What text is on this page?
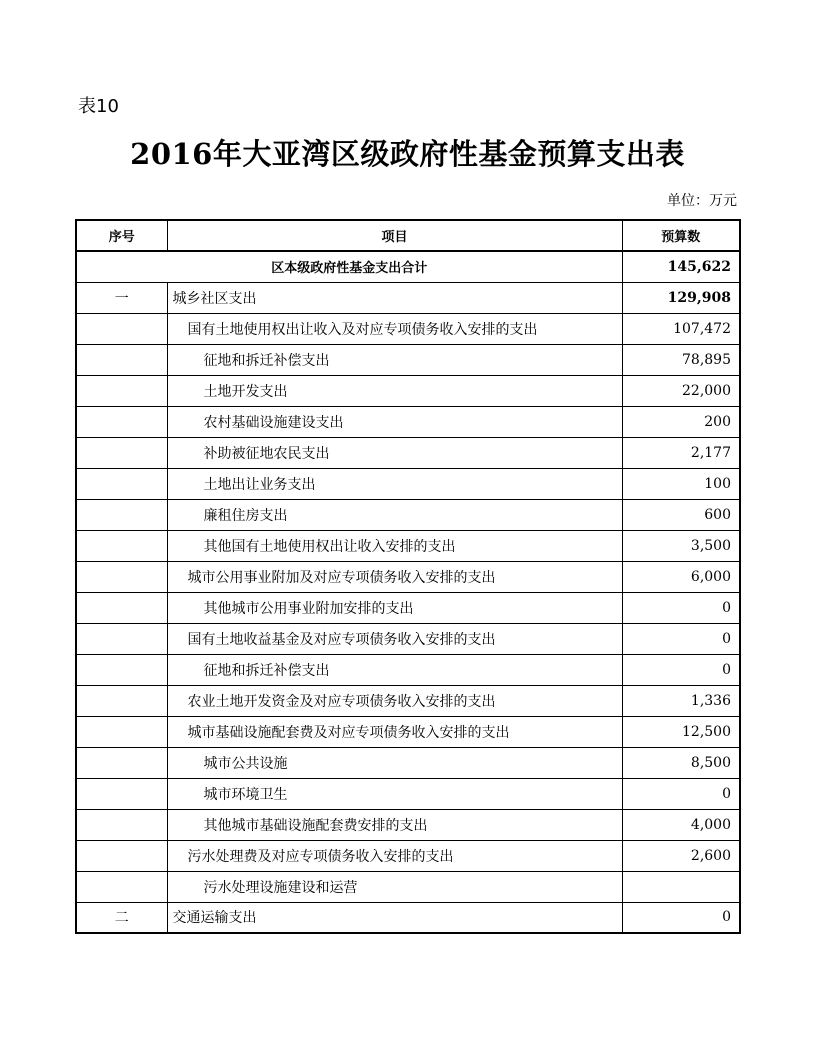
表10
2016年大亚湾区级政府性基金预算支出表
单位：万元
序号	项目	预算数
区本级政府性基金支出合计		145,622
一	城乡社区支出	129,908
	国有土地使用权出让收入及对应专项债务收入安排的支出	107,472
	征地和拆迁补偿支出	78,895
	土地开发支出	22,000
	农村基础设施建设支出	200
	补助被征地农民支出	2,177
	土地出让业务支出	100
	廉租住房支出	600
	其他国有土地使用权出让收入安排的支出	3,500
	城市公用事业附加及对应专项债务收入安排的支出	6,000
	其他城市公用事业附加安排的支出	0
	国有土地收益基金及对应专项债务收入安排的支出	0
	征地和拆迁补偿支出	0
	农业土地开发资金及对应专项债务收入安排的支出	1,336
	城市基础设施配套费及对应专项债务收入安排的支出	12,500
	城市公共设施	8,500
	城市环境卫生	0
	其他城市基础设施配套费安排的支出	4,000
	污水处理费及对应专项债务收入安排的支出	2,600
	污水处理设施建设和运营	
二	交通运输支出	0
